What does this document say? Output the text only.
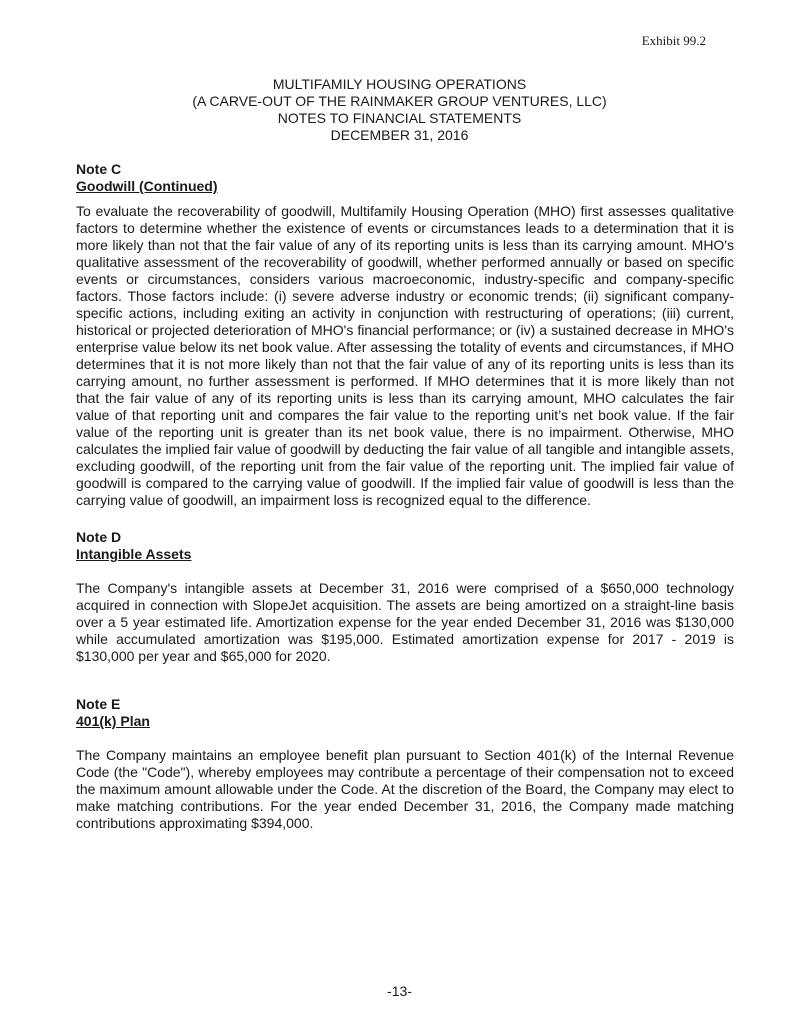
Exhibit 99.2
MULTIFAMILY HOUSING OPERATIONS
(A CARVE-OUT OF THE RAINMAKER GROUP VENTURES, LLC)
NOTES TO FINANCIAL STATEMENTS
DECEMBER 31, 2016
Note C
Goodwill (Continued)

To evaluate the recoverability of goodwill, Multifamily Housing Operation (MHO) first assesses qualitative factors to determine whether the existence of events or circumstances leads to a determination that it is more likely than not that the fair value of any of its reporting units is less than its carrying amount. MHO's qualitative assessment of the recoverability of goodwill, whether performed annually or based on specific events or circumstances, considers various macroeconomic, industry-specific and company-specific factors. Those factors include: (i) severe adverse industry or economic trends; (ii) significant company-specific actions, including exiting an activity in conjunction with restructuring of operations; (iii) current, historical or projected deterioration of MHO's financial performance; or (iv) a sustained decrease in MHO's enterprise value below its net book value. After assessing the totality of events and circumstances, if MHO determines that it is not more likely than not that the fair value of any of its reporting units is less than its carrying amount, no further assessment is performed. If MHO determines that it is more likely than not that the fair value of any of its reporting units is less than its carrying amount, MHO calculates the fair value of that reporting unit and compares the fair value to the reporting unit’s net book value. If the fair value of the reporting unit is greater than its net book value, there is no impairment. Otherwise, MHO calculates the implied fair value of goodwill by deducting the fair value of all tangible and intangible assets, excluding goodwill, of the reporting unit from the fair value of the reporting unit. The implied fair value of goodwill is compared to the carrying value of goodwill. If the implied fair value of goodwill is less than the carrying value of goodwill, an impairment loss is recognized equal to the difference.

Note D
Intangible Assets

The Company's intangible assets at December 31, 2016 were comprised of a $650,000 technology acquired in connection with SlopeJet acquisition. The assets are being amortized on a straight-line basis over a 5 year estimated life. Amortization expense for the year ended December 31, 2016 was $130,000 while accumulated amortization was $195,000. Estimated amortization expense for 2017 - 2019 is $130,000 per year and $65,000 for 2020.

Note E
401(k) Plan

The Company maintains an employee benefit plan pursuant to Section 401(k) of the Internal Revenue Code (the "Code"), whereby employees may contribute a percentage of their compensation not to exceed the maximum amount allowable under the Code. At the discretion of the Board, the Company may elect to make matching contributions. For the year ended December 31, 2016, the Company made matching contributions approximating $394,000.

-13-
